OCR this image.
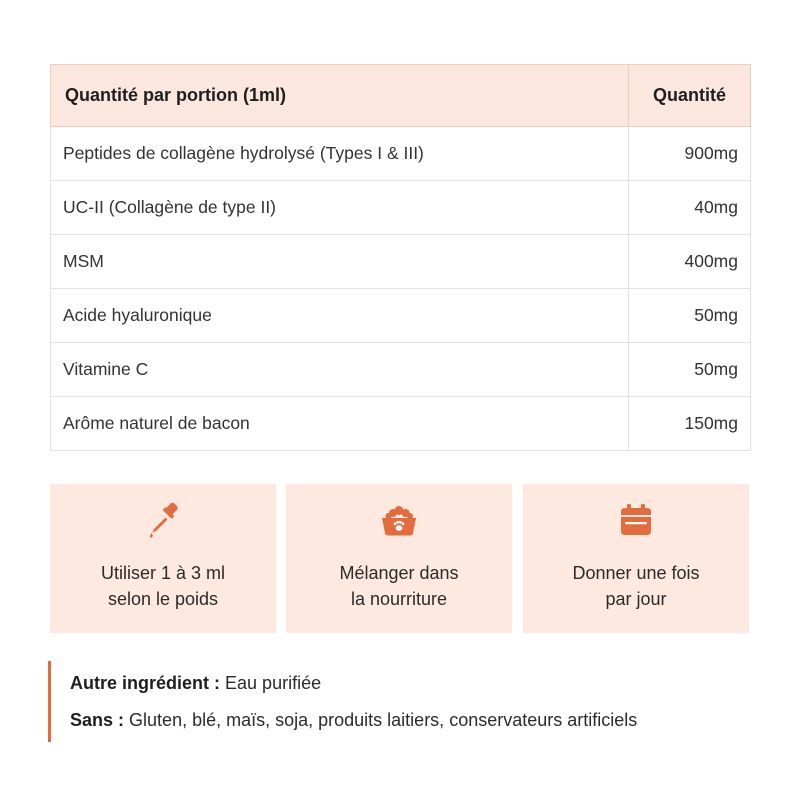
Quantité par portion (1ml)	Quantité
Peptides de collagène hydrolysé (Types I & III)	900mg
UC-II (Collagène de type II)	40mg
MSM	400mg
Acide hyaluronique	50mg
Vitamine C	50mg
Arôme naturel de bacon	150mg
Utiliser 1 à 3 ml
selon le poids
Mélanger dans
la nourriture
Donner une fois
par jour
Autre ingrédient : Eau purifiée
Sans : Gluten, blé, maïs, soja, produits laitiers, conservateurs artificiels
